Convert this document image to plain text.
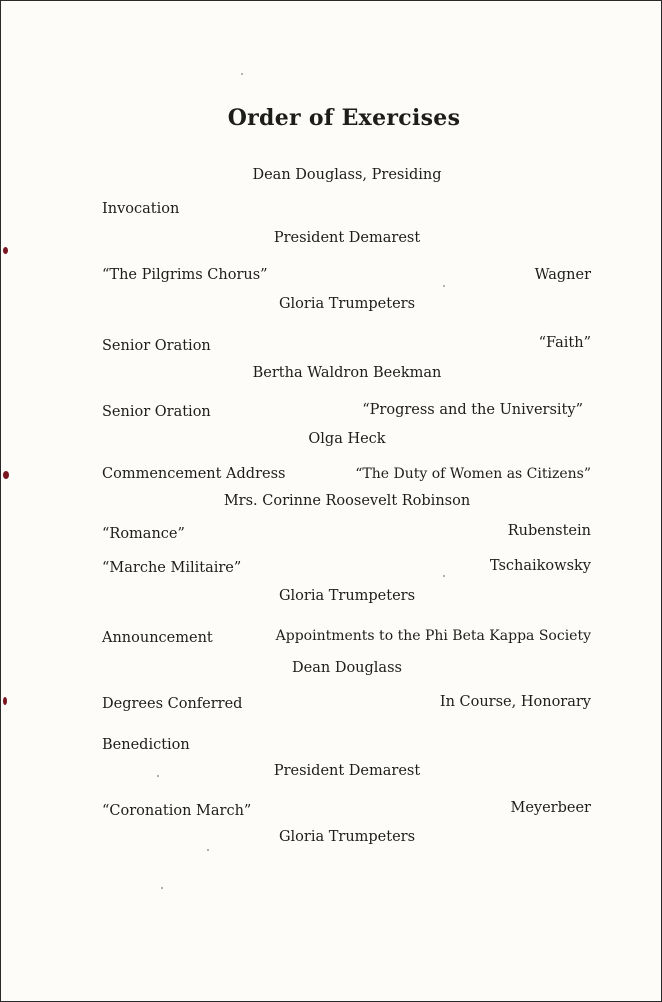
Order of Exercises
Dean Douglass, Presiding
Invocation
President Demarest
“The Pilgrims Chorus”	Wagner
Gloria Trumpeters
Senior Oration	“Faith”
Bertha Waldron Beekman
Senior Oration	“Progress and the University”
Olga Heck
Commencement Address	“The Duty of Women as Citizens”
Mrs. Corinne Roosevelt Robinson
“Romance”	Rubenstein
“Marche Militaire”	Tschaikowsky
Gloria Trumpeters
Announcement	Appointments to the Phi Beta Kappa Society
Dean Douglass
Degrees Conferred	In Course, Honorary
Benediction
President Demarest
“Coronation March”	Meyerbeer
Gloria Trumpeters
